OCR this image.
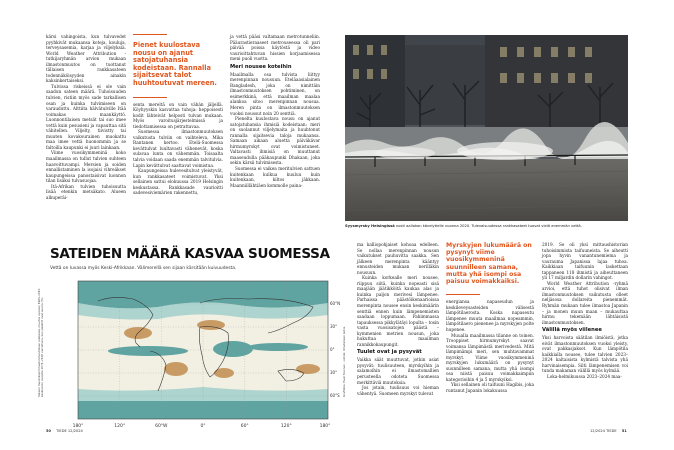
kärsi vahingoista, kun tulvavedet pyyhkivät mukaansa koteja, kouluja, terveysasemia, karjaa ja viljelyksiä. World Weather Attribution -tutkijaryhmän arvion mukaan ilmastonmuutos on tuottanut tällaisen rankkasateen todennäköisyyden ainakin kaksinkertaiseksi.

Tulvissa riskeissä ei ole vain saadun sateen määrä. Tuhoisuuden tulvien, ristiin myös sade tarkallisen osan ja kuinka tulvimiseen on varauduttu. Alttiita hälvätulville Itää voimakas maankäyttö. Luonnontilaisen metsät tai suo imee vettä kuin pesusieni ja vapauttaa sitä vähitellen. Viljelty, tiivistty tai muuten kovakourainen muokattu maa imee vettä huonommin ja se faltoilla kaupunki ei juuri lainkaan.

Viime vuosikymmeninä koko maailmassa on tullut tulvien suhteen haavoittuvampi. Mersien ja soiden ennallistaminen la isojaisi vihreäkset kaupungeissa panostaisivat luonnon tilan lisäksi tulvasuojaa.

Itä-Afrikan tulvien tuhoisuutta lisää etenkin metsäkato. Alueen alkuperäi-

Pienet kuulostava nousu on ajanut satojatuhansia kodeistaan. Rannalla sijaitsevat talot huuhtoutuvat mereen.

senta mereltä on vain vähän jäljellä. Köyhyyskin kasvattaa tuhoja: heppoisesti kodit lähteivät helposti tulvan mukaan. Myös varoitusjärjestelmissä ja tiedottamisessa on petrattavaa.

Suomessa ilmastonmuutoksen vaikutusta tulviin on vaihteleva, Mika Rantanen kertoo. Etelä-Suomessa kevättulvat luultavasti vähenevät, koska sulavaa lunta on vähemmän. Toisaalta talvia voidaan saada enemmän talvitulvia. Lapin kevättulvat saattavat voimistua.

Kaupungeissa hulevesitulvat yleistyvät, kun rankkasateet voimistuvat. Yksi sellainen sattui elokuussa 2019 Helsingin keskustassa. Rankkasade vaurioitti sadevesiviemärien rakennettu,

ja vettä pääsi valtamaan metrotunneliin. Pääurastieraaseet metrouseessa oli pari päivää poissa käytöstä ja video vaurioittahtuvan hissien korjaamisessa meni puoli vuotta.

Meri nousee koteihin

Maailmalla osa tulvista liittyy merenpinnan nousuun. Eteläaasialainen Bangladesh, joka on nimittäin ilmastonmuutoksen pohtiminen, on esimerkkinä, että maailman maalaa alankoa sitoo merenpinnan nousua. Meren pinta on ilmastonmuutoksen vuoksi noussut noin 20 senttiä.

Pienelta kuulostava nousu on ajanut satojatuhansia ihmisiä kodeistaan: meri on suolannut viljelymaita ja huuhtonut rannalla sijaitsevia taloja mukaansa. Samaan aikaan aluetta päiväkävar hirmumyrskyt ovat voimistuneet. Valtavasti ihmisiä on muuttanut maaseudulla pääkaupunki Dhakaan, joka sekin kärsii tulvimisesta.

Suomessa ei vaikea meritulvien sattuen kuitenkaan kulkua kuuluu kuin kuitenkaan, kiltos jäkkaan. Maanniillähtiäen kommolle paina-

Syysmyrsky Helsingissä nosti aallokon kävelytielle vuonna 2020. Tulevaisuudessa rankkasateet tuovat vielä enemmän vettä.
SATEIDEN MÄÄRÄ KASVAA SUOMESSA
Vettä on luvassa myös Keski-Afrikkaan. Välimerellä sen sijaan kärsitään kuivuudesta.
Sateen muutokset ilmastonmuutoksen edetessä, muutos vuosien 1981–2010 keskiarvon vuosille 2071–2100 verrattuna, kun päästöt ovat suuria (%)	Grafiikka: Pauli Sivonen · Lähde: Ilmatieteen laitos
180°	120°	60°W	0°	60°	120°	180°
60°N
30°
0°
30°
60°S

ma kalliopohjaiset kohoaa edelleen. Se nollaa merenpinnan nousun vaikutukset pauhuvitta saakka. Sen jälkeen merenpinta kääntyy ennusteiden mukaan nerilläkin nousuun.

Kuinka korkealle meri nousee, riippuu siitä, kuinka nopeasti sisä maajään jäätikköitä kaukaa alas ja kuinka paljon merivesi lämpenee. Parhaissa päästöikenaarioissa merenpinta nousee ensin keskimäärin senttiä ennen kuin lämpenemisten saadaan loppumaan. Pahimmassa tapauksessa pikkylätäyi lopulta – tosin vasta vuosisatojen päästä – kymmenien metrien nousun, joka hukuttaa maailman rannikkokaupungit.

Tuulet ovat ja pysyvät

Vaikka säät muuttuvat, jotkin asiat pysyvät: tuulisuuteen, myrskyihin ja salamoihin ei ilmastomallien perusteella odoteta Suomessa merkittäviä muutoksia.

Jos jotain, tuulisuus voi hieman vähentyä. Suomeen myrskyt tulevat

Myrskyjen lukumäärä on pysynyt viime vuosikymmeninä suunnilleen samana, mutta yhä isompi osa paisuu voimakkaiksi.

energiansa napaseudun ja keskileveysasteiden välisestä lämpötilaerosta. Koska napaseutu lämpenee muuta maailmaa nopeammin, lämpötilaero pienenee ja myrskyjen polte hupenee.

Muualla maailmassa tilanne on toinen. Trooppiset hirmumyrskyt saavat voimansa lämpimästä merivedestä. Mitä lämpimämpi meri, sen muhtavammat myrskyt. Viime vuosikymmeninä myrskyjen lukumäärä on pysynyt suunnilleen samana, mutta yhä isompi osa niistä paisuu voimakkaimpiin kategorioihin 4 ja 5 myrskyiksi.

Yksi sellainen oli taifuuni Hagibis, joka runtanut Japanin lokakuussa

2019. Se oli yksi mittaushistorian tuhoisimmista taifuuneista. Se aiheutti jopa hyvin vanantunemiema ja vaurauma Japanissa lajaa tuhoa. Kaikkiaan taifuunin laskettaan tappaneen 118 ihmistä ja aiheuttaneen yli 17 miljardin dollarin vahingot.

World Weather Attribution -ryhmä arvioi, että tuhot olisivat ilman ilmastonmuutoksen vaikutusta olleet neljäsosa dollareita pienemmät. Ryhmän mukaan tulee ilmastoa Japanin – ja monen muun maan – mukauttaa hirmu tekemään lähtäisistä ilmastonmuutoksen.

Välillä myös viilenee

Yksi harvoista säätilan ilmiöistä, jotka eivät ilmastonmuutoksen vuoksi yleisty, ovat pakkasjaksot. Kun lämpötila kaikkialla nousee, tulee talvien 2023–2024 kaltaisista kylmistä talvista yhä harvinaisempia. Silti lämpenemisen voi tunda makaman välillä myös kylmää.

Loka-helmikuussa 2023–2024 maa-

50 TIEDE 12/2024	12/2024 TIEDE 51
